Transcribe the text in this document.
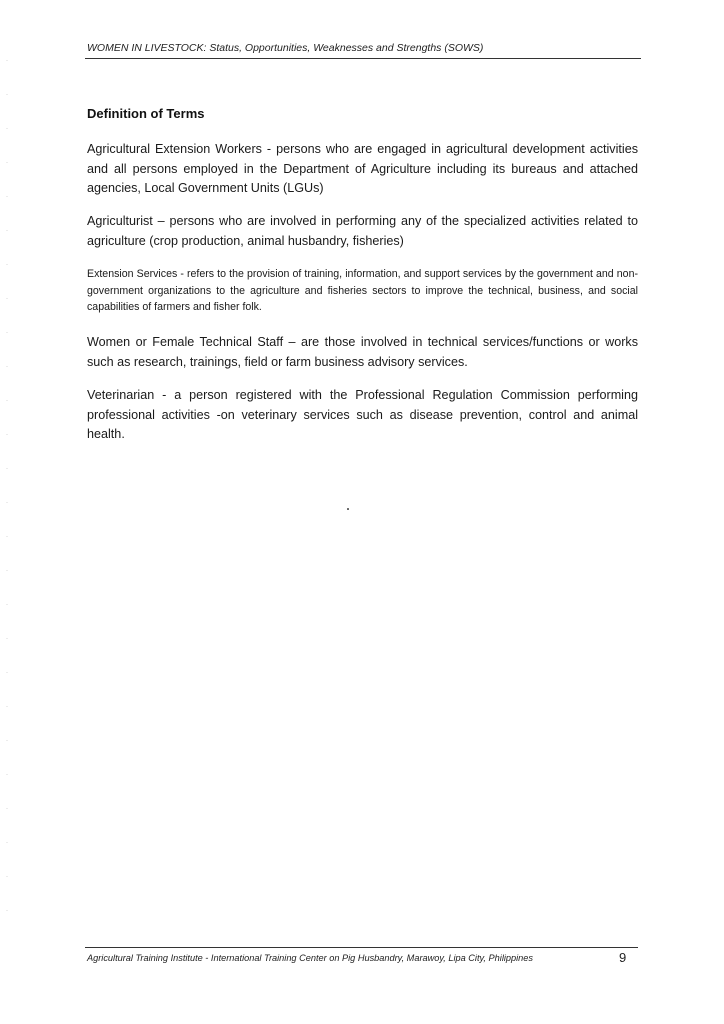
WOMEN IN LIVESTOCK: Status, Opportunities, Weaknesses and Strengths (SOWS)
Definition of Terms

Agricultural Extension Workers - persons who are engaged in agricultural development activities and all persons employed in the Department of Agriculture including its bureaus and attached agencies, Local Government Units (LGUs)

Agriculturist – persons who are involved in performing any of the specialized activities related to agriculture (crop production, animal husbandry, fisheries)

Extension Services - refers to the provision of training, information, and support services by the government and non-government organizations to the agriculture and fisheries sectors to improve the technical, business, and social capabilities of farmers and fisher folk.

Women or Female Technical Staff – are those involved in technical services/functions or works such as research, trainings, field or farm business advisory services.

Veterinarian - a person registered with the Professional Regulation Commission performing professional activities -on veterinary services such as disease prevention, control and animal health.

Agricultural Training Institute - International Training Center on Pig Husbandry, Marawoy, Lipa City, Philippines	9
